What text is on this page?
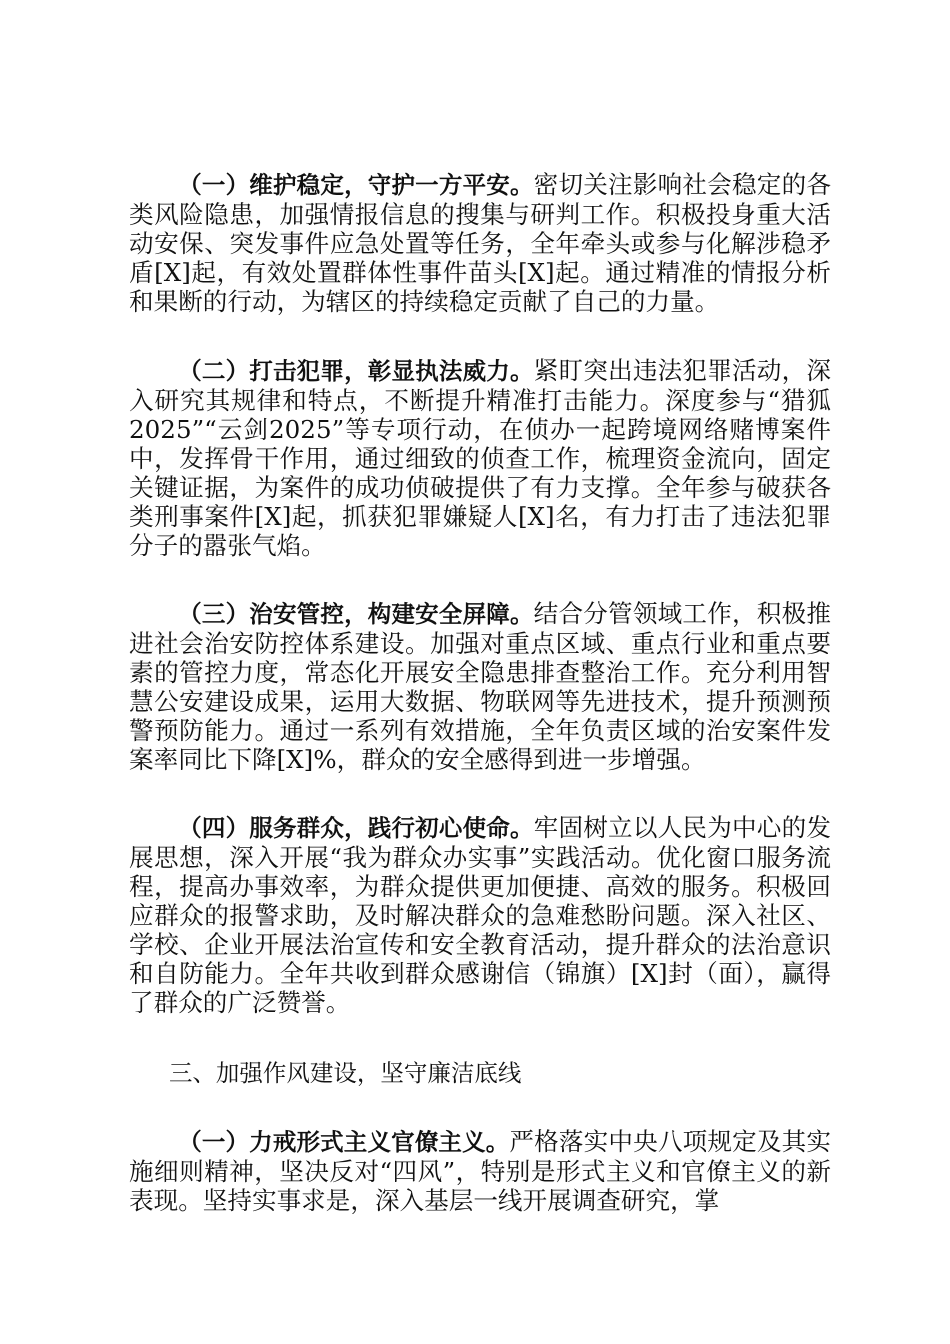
（一）维护稳定，守护一方平安。密切关注影响社会稳定的各类风险隐患，加强情报信息的搜集与研判工作。积极投身重大活动安保、突发事件应急处置等任务，全年牵头或参与化解涉稳矛盾[X]起，有效处置群体性事件苗头[X]起。通过精准的情报分析和果断的行动，为辖区的持续稳定贡献了自己的力量。

（二）打击犯罪，彰显执法威力。紧盯突出违法犯罪活动，深入研究其规律和特点，不断提升精准打击能力。深度参与“猎狐2025”“云剑2025”等专项行动，在侦办一起跨境网络赌博案件中，发挥骨干作用，通过细致的侦查工作，梳理资金流向，固定关键证据，为案件的成功侦破提供了有力支撑。全年参与破获各类刑事案件[X]起，抓获犯罪嫌疑人[X]名，有力打击了违法犯罪分子的嚣张气焰。

（三）治安管控，构建安全屏障。结合分管领域工作，积极推进社会治安防控体系建设。加强对重点区域、重点行业和重点要素的管控力度，常态化开展安全隐患排查整治工作。充分利用智慧公安建设成果，运用大数据、物联网等先进技术，提升预测预警预防能力。通过一系列有效措施，全年负责区域的治安案件发案率同比下降[X]%，群众的安全感得到进一步增强。

（四）服务群众，践行初心使命。牢固树立以人民为中心的发展思想，深入开展“我为群众办实事”实践活动。优化窗口服务流程，提高办事效率，为群众提供更加便捷、高效的服务。积极回应群众的报警求助，及时解决群众的急难愁盼问题。深入社区、学校、企业开展法治宣传和安全教育活动，提升群众的法治意识和自防能力。全年共收到群众感谢信（锦旗）[X]封（面），赢得了群众的广泛赞誉。

三、加强作风建设，坚守廉洁底线

（一）力戒形式主义官僚主义。严格落实中央八项规定及其实施细则精神，坚决反对“四风”，特别是形式主义和官僚主义的新表现。坚持实事求是，深入基层一线开展调查研究，掌
